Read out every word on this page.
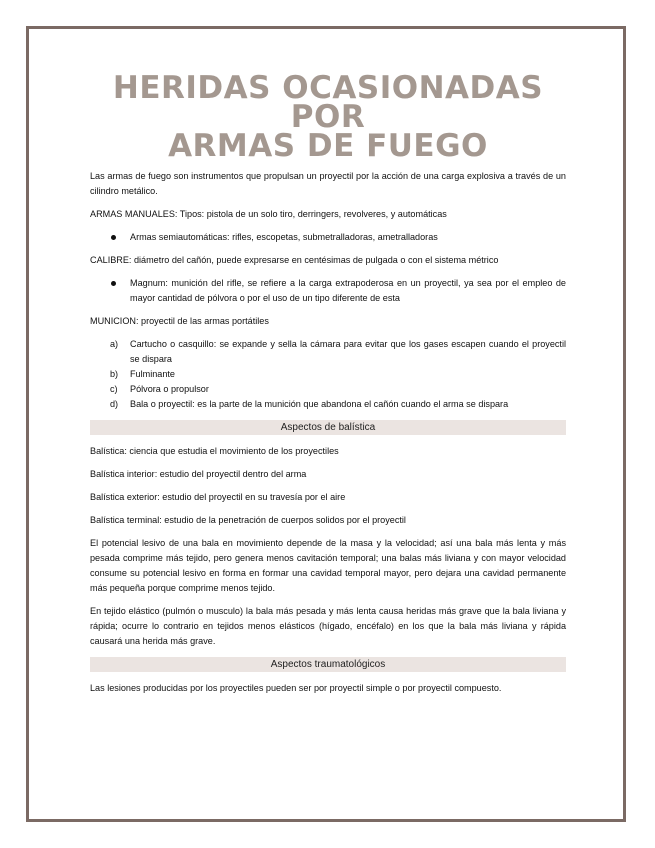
HERIDAS OCASIONADAS POR
ARMAS DE FUEGO

Las armas de fuego son instrumentos que propulsan un proyectil por la acción de una carga explosiva a través de un cilindro metálico.

ARMAS MANUALES: Tipos: pistola de un solo tiro, derringers, revolveres, y automáticas

Armas semiautomáticas: rifles, escopetas, submetralladoras, ametralladoras

CALIBRE: diámetro del cañón, puede expresarse en centésimas de pulgada o con el sistema métrico

Magnum: munición del rifle, se refiere a la carga extrapoderosa en un proyectil, ya sea por el empleo de mayor cantidad de pólvora o por el uso de un tipo diferente de esta

MUNICION: proyectil de las armas portátiles

a) Cartucho o casquillo: se expande y sella la cámara para evitar que los gases escapen cuando el proyectil se dispara
b) Fulminante
c) Pólvora o propulsor
d) Bala o proyectil: es la parte de la munición que abandona el cañón cuando el arma se dispara
Aspectos de balística

Balística: ciencia que estudia el movimiento de los proyectiles

Balística interior: estudio del proyectil dentro del arma

Balística exterior: estudio del proyectil en su travesía por el aire

Balística terminal: estudio de la penetración de cuerpos solidos por el proyectil

El potencial lesivo de una bala en movimiento depende de la masa y la velocidad; así una bala más lenta y más pesada comprime más tejido, pero genera menos cavitación temporal; una balas más liviana y con mayor velocidad consume su potencial lesivo en forma en formar una cavidad temporal mayor, pero dejara una cavidad permanente más pequeña porque comprime menos tejido.

En tejido elástico (pulmón o musculo) la bala más pesada y más lenta causa heridas más grave que la bala liviana y rápida; ocurre lo contrario en tejidos menos elásticos (hígado, encéfalo) en los que la bala más liviana y rápida causará una herida más grave.

Aspectos traumatológicos

Las lesiones producidas por los proyectiles pueden ser por proyectil simple o por proyectil compuesto.
